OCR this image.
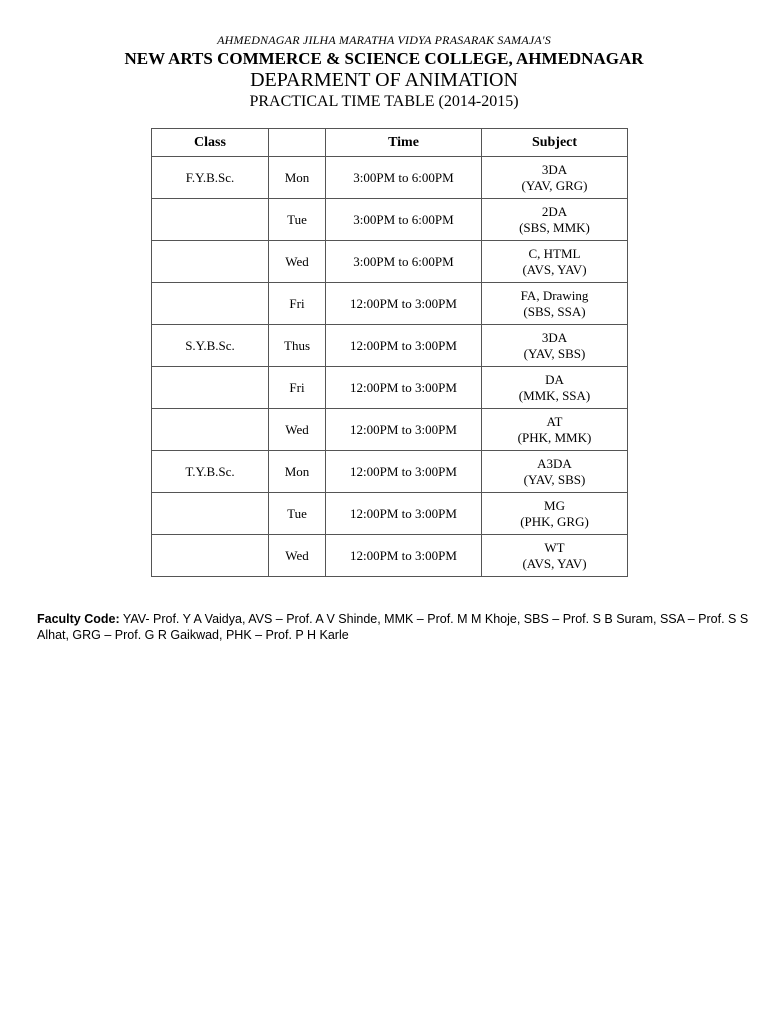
AHMEDNAGAR JILHA MARATHA VIDYA PRASARAK SAMAJA'S
NEW ARTS COMMERCE & SCIENCE COLLEGE, AHMEDNAGAR
DEPARMENT OF ANIMATION
PRACTICAL TIME TABLE (2014-2015)
Class		Time	Subject
F.Y.B.Sc.	Mon	3:00PM to 6:00PM	3DA
(YAV, GRG)

	Tue	3:00PM to 6:00PM	2DA
(SBS, MMK)

	Wed	3:00PM to 6:00PM	C, HTML
(AVS, YAV)

	Fri	12:00PM to 3:00PM	FA, Drawing
(SBS, SSA)

S.Y.B.Sc.	Thus	12:00PM to 3:00PM	3DA
(YAV, SBS)

	Fri	12:00PM to 3:00PM	DA
(MMK, SSA)

	Wed	12:00PM to 3:00PM	AT
(PHK, MMK)

T.Y.B.Sc.	Mon	12:00PM to 3:00PM	A3DA
(YAV, SBS)

	Tue	12:00PM to 3:00PM	MG
(PHK, GRG)

	Wed	12:00PM to 3:00PM	WT
(AVS, YAV)
Faculty Code: YAV- Prof. Y A Vaidya, AVS – Prof. A V Shinde, MMK – Prof. M M Khoje, SBS – Prof. S B Suram, SSA – Prof. S S Alhat, GRG – Prof. G R Gaikwad, PHK – Prof. P H Karle
